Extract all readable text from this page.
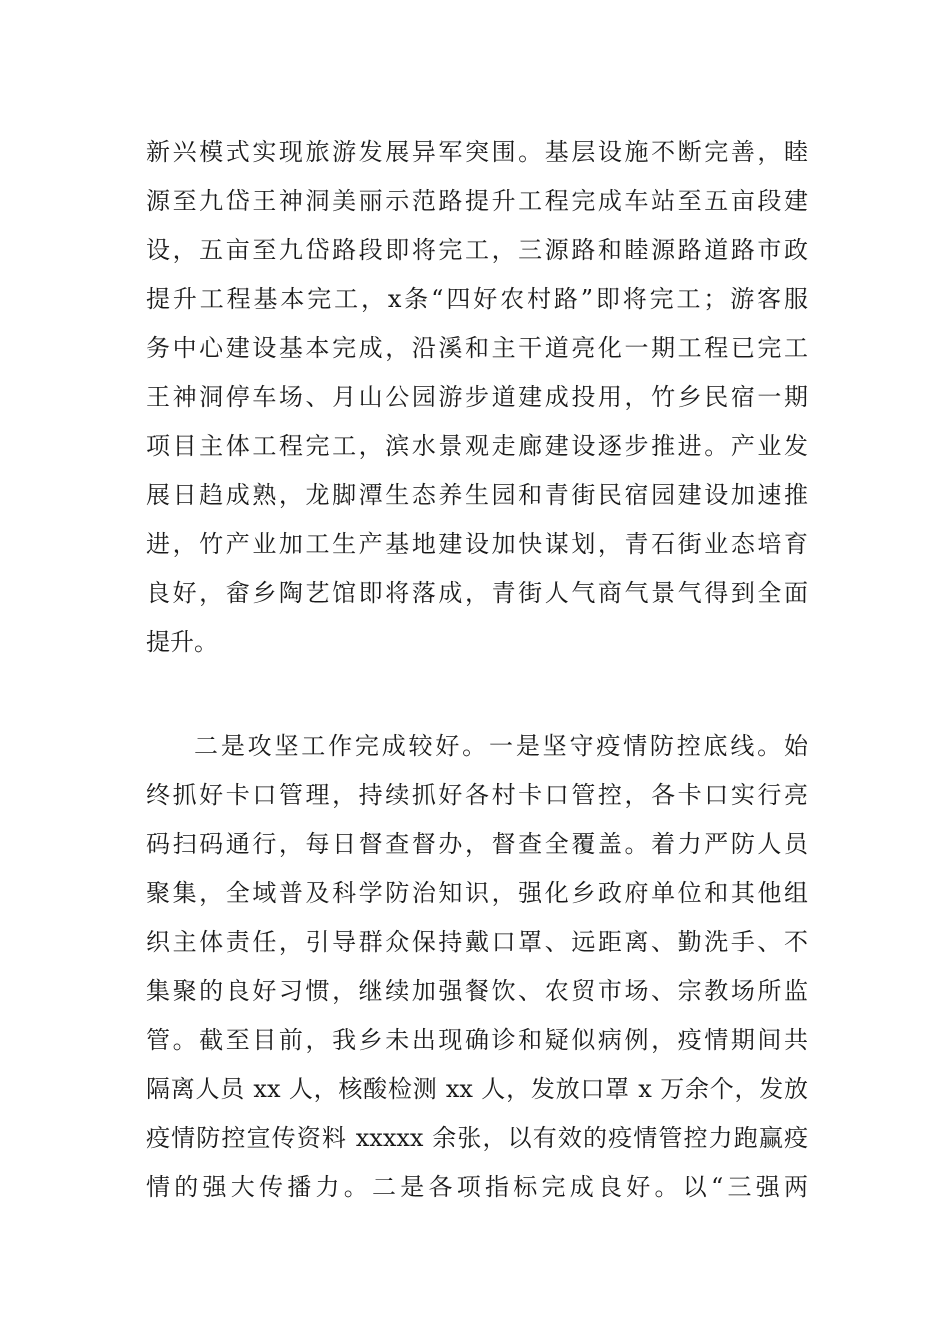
新兴模式实现旅游发展异军突围。基层设施不断完善，睦
源至九岱王神洞美丽示范路提升工程完成车站至五亩段建
设，五亩至九岱路段即将完工，三源路和睦源路道路市政
提升工程基本完工，x条“四好农村路”即将完工；游客服
务中心建设基本完成，沿溪和主干道亮化一期工程已完工
王神洞停车场、月山公园游步道建成投用，竹乡民宿一期
项目主体工程完工，滨水景观走廊建设逐步推进。产业发
展日趋成熟，龙脚潭生态养生园和青街民宿园建设加速推
进，竹产业加工生产基地建设加快谋划，青石街业态培育
良好，畲乡陶艺馆即将落成，青街人气商气景气得到全面
提升。
二是攻坚工作完成较好。一是坚守疫情防控底线。始
终抓好卡口管理，持续抓好各村卡口管控，各卡口实行亮
码扫码通行，每日督查督办，督查全覆盖。着力严防人员
聚集，全域普及科学防治知识，强化乡政府单位和其他组
织主体责任，引导群众保持戴口罩、远距离、勤洗手、不
集聚的良好习惯，继续加强餐饮、农贸市场、宗教场所监
管。截至目前，我乡未出现确诊和疑似病例，疫情期间共
隔离人员 xx 人，核酸检测 xx 人，发放口罩 x 万余个，发放
疫情防控宣传资料 xxxxx 余张，以有效的疫情管控力跑赢疫
情的强大传播力。二是各项指标完成良好。以“三强两
